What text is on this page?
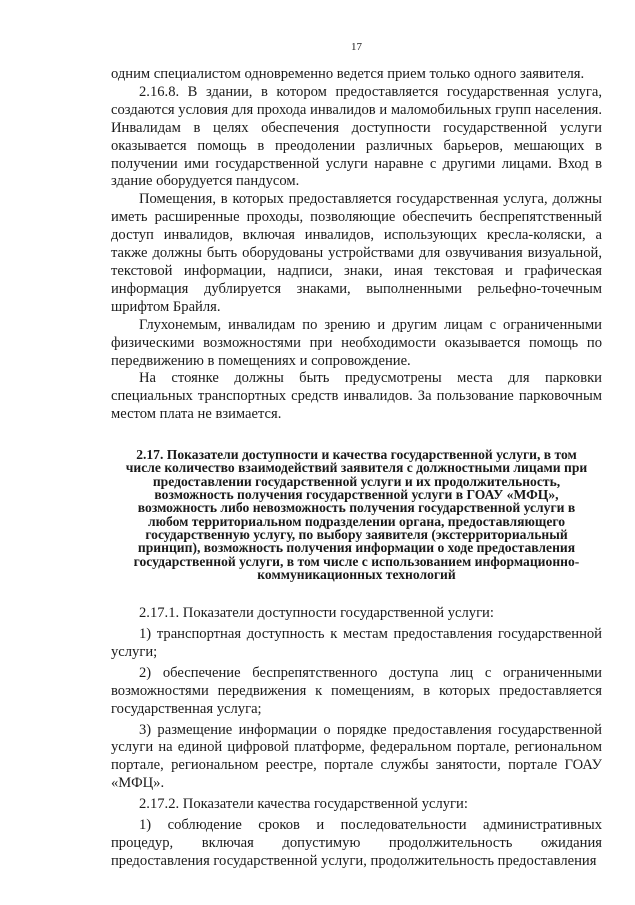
17

одним специалистом одновременно ведется прием только одного заявителя.

2.16.8. В здании, в котором предоставляется государственная услуга, создаются условия для прохода инвалидов и маломобильных групп населения. Инвалидам в целях обеспечения доступности государственной услуги оказывается помощь в преодолении различных барьеров, мешающих в получении ими государственной услуги наравне с другими лицами. Вход в здание оборудуется пандусом.

Помещения, в которых предоставляется государственная услуга, должны иметь расширенные проходы, позволяющие обеспечить беспрепятственный доступ инвалидов, включая инвалидов, использующих кресла-коляски, а также должны быть оборудованы устройствами для озвучивания визуальной, текстовой информации, надписи, знаки, иная текстовая и графическая информация дублируется знаками, выполненными рельефно-точечным шрифтом Брайля.

Глухонемым, инвалидам по зрению и другим лицам с ограниченными физическими возможностями при необходимости оказывается помощь по передвижению в помещениях и сопровождение.

На стоянке должны быть предусмотрены места для парковки специальных транспортных средств инвалидов. За пользование парковочным местом плата не взимается.

2.17. Показатели доступности и качества государственной услуги, в том числе количество взаимодействий заявителя с должностными лицами при предоставлении государственной услуги и их продолжительность, возможность получения государственной услуги в ГОАУ «МФЦ», возможность либо невозможность получения государственной услуги в любом территориальном подразделении органа, предоставляющего государственную услугу, по выбору заявителя (экстерриториальный принцип), возможность получения информации о ходе предоставления государственной услуги, в том числе с использованием информационно-коммуникационных технологий

2.17.1. Показатели доступности государственной услуги:

1) транспортная доступность к местам предоставления государственной услуги;

2) обеспечение беспрепятственного доступа лиц с ограниченными возможностями передвижения к помещениям, в которых предоставляется государственная услуга;

3) размещение информации о порядке предоставления государственной услуги на единой цифровой платформе, федеральном портале, региональном портале, региональном реестре, портале службы занятости, портале ГОАУ «МФЦ».

2.17.2. Показатели качества государственной услуги:

1) соблюдение сроков и последовательности административных процедур, включая допустимую продолжительность ожидания предоставления государственной услуги, продолжительность предоставления
